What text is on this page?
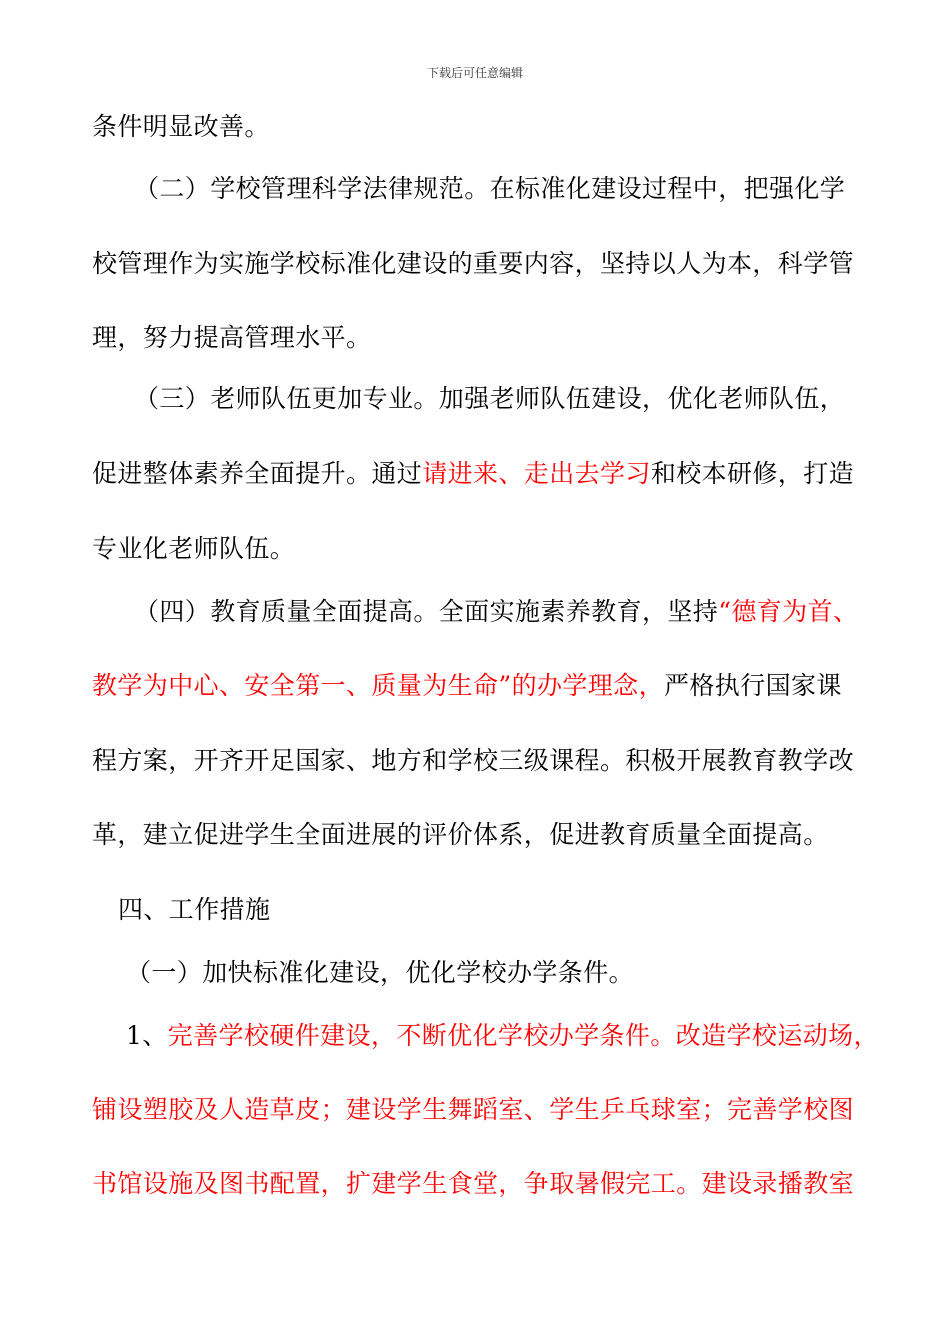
下载后可任意编辑
条件明显改善。
（二）学校管理科学法律规范。在标准化建设过程中，把强化学
校管理作为实施学校标准化建设的重要内容，坚持以人为本，科学管
理，努力提高管理水平。
（三）老师队伍更加专业。加强老师队伍建设，优化老师队伍，
促进整体素养全面提升。通过请进来、走出去学习和校本研修，打造
专业化老师队伍。
（四）教育质量全面提高。全面实施素养教育，坚持“德育为首、
教学为中心、安全第一、质量为生命”的办学理念，严格执行国家课
程方案，开齐开足国家、地方和学校三级课程。积极开展教育教学改
革，建立促进学生全面进展的评价体系，促进教育质量全面提高。
四、工作措施
（一）加快标准化建设，优化学校办学条件。
1、完善学校硬件建设，不断优化学校办学条件。改造学校运动场，
铺设塑胶及人造草皮；建设学生舞蹈室、学生乒乓球室；完善学校图
书馆设施及图书配置，扩建学生食堂，争取暑假完工。建设录播教室
